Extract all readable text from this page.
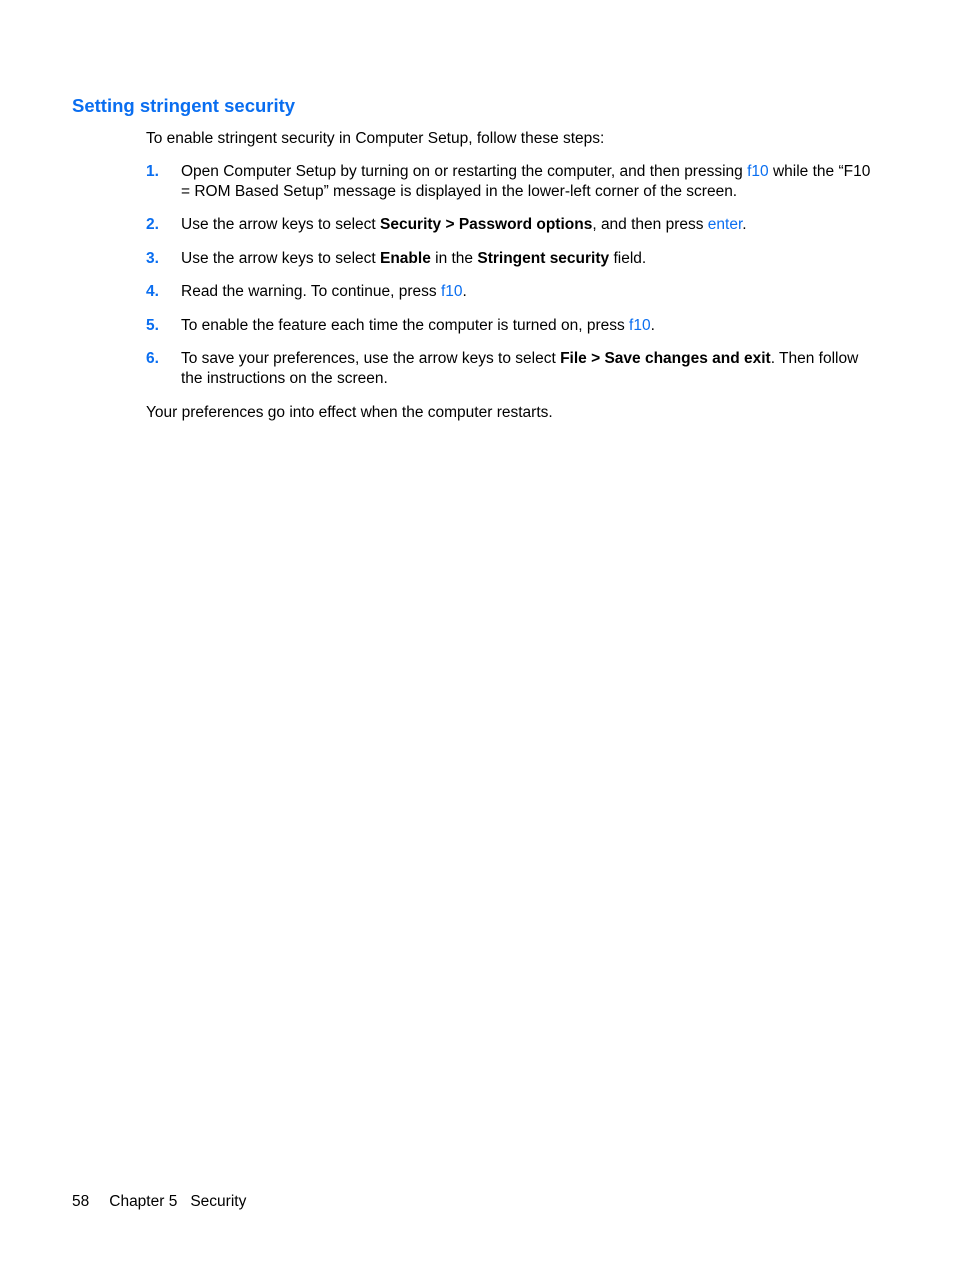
Setting stringent security

To enable stringent security in Computer Setup, follow these steps:

1. Open Computer Setup by turning on or restarting the computer, and then pressing f10 while the “F10 = ROM Based Setup” message is displayed in the lower-left corner of the screen.
2. Use the arrow keys to select Security > Password options, and then press enter.
3. Use the arrow keys to select Enable in the Stringent security field.
4. Read the warning. To continue, press f10.
5. To enable the feature each time the computer is turned on, press f10.
6. To save your preferences, use the arrow keys to select File > Save changes and exit. Then follow the instructions on the screen.

Your preferences go into effect when the computer restarts.

58 Chapter 5 Security
